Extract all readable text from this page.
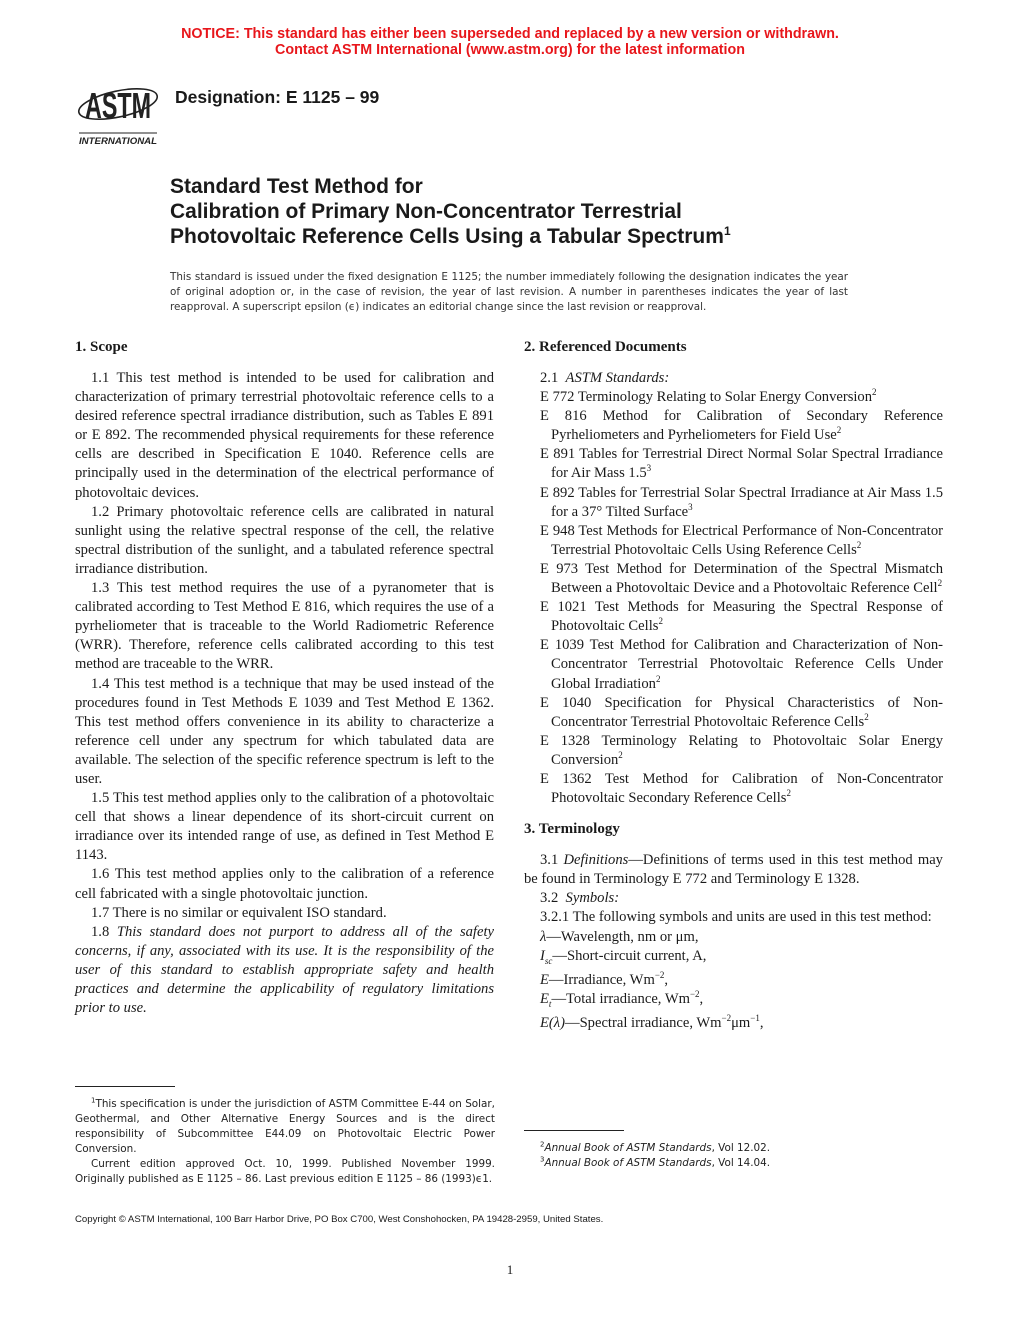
NOTICE: This standard has either been superseded and replaced by a new version or withdrawn.
Contact ASTM International (www.astm.org) for the latest information
ASTM
INTERNATIONAL
Designation: E 1125 – 99
Standard Test Method for
Calibration of Primary Non-Concentrator Terrestrial
Photovoltaic Reference Cells Using a Tabular Spectrum$^1$
This standard is issued under the fixed designation E 1125; the number immediately following the designation indicates the year of original adoption or, in the case of revision, the year of last revision. A number in parentheses indicates the year of last reapproval. A superscript epsilon (ϵ) indicates an editorial change since the last revision or reapproval.
1. Scope

1.1 This test method is intended to be used for calibration and characterization of primary terrestrial photovoltaic reference cells to a desired reference spectral irradiance distribution, such as Tables E 891 or E 892. The recommended physical requirements for these reference cells are described in Specification E 1040. Reference cells are principally used in the determination of the electrical performance of photovoltaic devices.

1.2 Primary photovoltaic reference cells are calibrated in natural sunlight using the relative spectral response of the cell, the relative spectral distribution of the sunlight, and a tabulated reference spectral irradiance distribution.

1.3 This test method requires the use of a pyranometer that is calibrated according to Test Method E 816, which requires the use of a pyrheliometer that is traceable to the World Radiometric Reference (WRR). Therefore, reference cells calibrated according to this test method are traceable to the WRR.

1.4 This test method is a technique that may be used instead of the procedures found in Test Methods E 1039 and Test Method E 1362. This test method offers convenience in its ability to characterize a reference cell under any spectrum for which tabulated data are available. The selection of the specific reference spectrum is left to the user.

1.5 This test method applies only to the calibration of a photovoltaic cell that shows a linear dependence of its short-circuit current on irradiance over its intended range of use, as defined in Test Method E 1143.

1.6 This test method applies only to the calibration of a reference cell fabricated with a single photovoltaic junction.

1.7 There is no similar or equivalent ISO standard.

1.8 This standard does not purport to address all of the safety concerns, if any, associated with its use. It is the responsibility of the user of this standard to establish appropriate safety and health practices and determine the applicability of regulatory limitations prior to use.

2. Referenced Documents

2.1 ASTM Standards:

E 772 Terminology Relating to Solar Energy Conversion$^2$

E 816 Method for Calibration of Secondary Reference Pyrheliometers and Pyrheliometers for Field Use$^2$

E 891 Tables for Terrestrial Direct Normal Solar Spectral Irradiance for Air Mass $1.5^3$

E 892 Tables for Terrestrial Solar Spectral Irradiance at Air Mass 1.5 for a 37° Tilted Surface$^3$

E 948 Test Methods for Electrical Performance of Non-Concentrator Terrestrial Photovoltaic Cells Using Reference Cells$^2$

E 973 Test Method for Determination of the Spectral Mismatch Between a Photovoltaic Device and a Photovoltaic Reference Cell$^2$

E 1021 Test Methods for Measuring the Spectral Response of Photovoltaic Cells$^2$

E 1039 Test Method for Calibration and Characterization of Non-Concentrator Terrestrial Photovoltaic Reference Cells Under Global Irradiation$^2$

E 1040 Specification for Physical Characteristics of Non-Concentrator Terrestrial Photovoltaic Reference Cells$^2$

E 1328 Terminology Relating to Photovoltaic Solar Energy Conversion$^2$

E 1362 Test Method for Calibration of Non-Concentrator Photovoltaic Secondary Reference Cells$^2$

3. Terminology

3.1 Definitions—Definitions of terms used in this test method may be found in Terminology E 772 and Terminology E 1328.

3.2 Symbols:

3.2.1 The following symbols and units are used in this test method:

λ—Wavelength, nm or μm,

$I_{sc}—Short$-circuit current, A,

E—Irradiance, $Wm^{-2}$,

$E_t—Total$ irradiance, $Wm^{-2}$,

E(λ)—Spectral irradiance, $Wm^{-2}\mu m^{-1}$,

$^1$This specification is under the jurisdiction of ASTM Committee E-44 on Solar, Geothermal, and Other Alternative Energy Sources and is the direct responsibility of Subcommittee E44.09 on Photovoltaic Electric Power Conversion.

Current edition approved Oct. 10, 1999. Published November 1999. Originally published as E 1125 – 86. Last previous edition E 1125 – 86 (1993)ϵ1.

$^2$Annual Book of ASTM Standards, Vol 12.02.

$^3$Annual Book of ASTM Standards, Vol 14.04.

Copyright © ASTM International, 100 Barr Harbor Drive, PO Box C700, West Conshohocken, PA 19428-2959, United States.
1
